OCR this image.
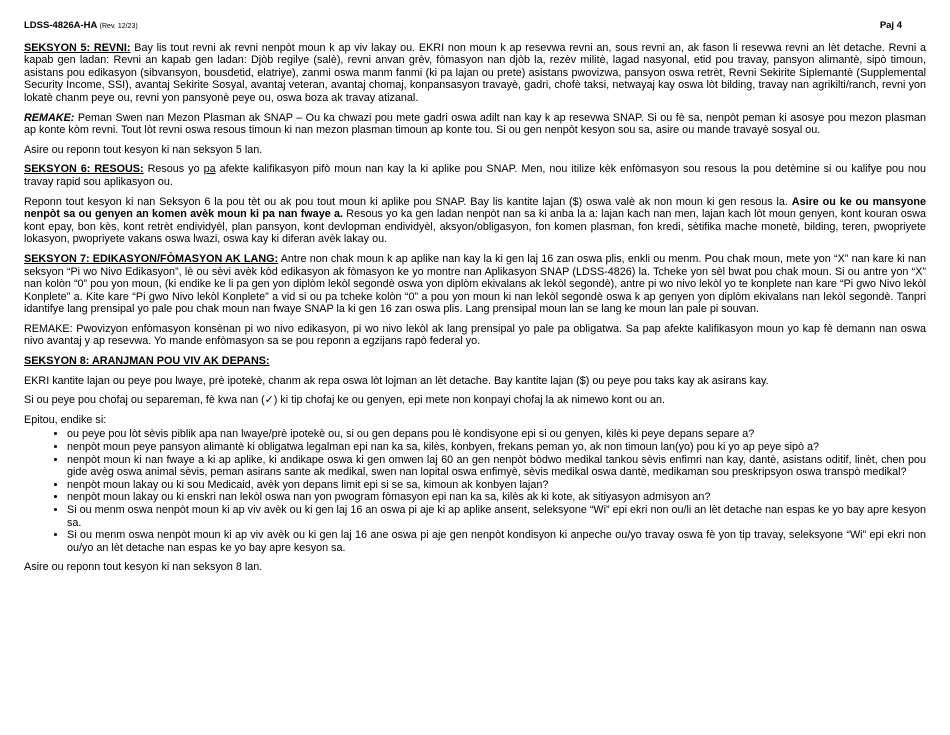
LDSS-4826A-HA (Rev. 12/23)	Paj 4

SEKSYON 5: REVNI: Bay lis tout revni ak revni nenpòt moun k ap viv lakay ou. EKRI non moun k ap resevwa revni an, sous revni an, ak fason li resevwa revni an lèt detache. Revni a kapab gen ladan: Revni an kapab gen ladan: Djòb regilye (salè), revni anvan grèv, fòmasyon nan djòb la, rezèv militè, lagad nasyonal, etid pou travay, pansyon alimantè, sipò timoun, asistans pou edikasyon (sibvansyon, bousdetid, elatriye), zanmi oswa manm fanmi (ki pa lajan ou prete) asistans pwovizwa, pansyon oswa retrèt, Revni Sekirite Siplemantè (Supplemental Security Income, SSI), avantaj Sekirite Sosyal, avantaj veteran, avantaj chomaj, konpansasyon travayè, gadri, chofè taksi, netwayaj kay oswa lòt bilding, travay nan agrikilti/ranch, revni yon lokatè chanm peye ou, revni yon pansyonè peye ou, oswa boza ak travay atizanal.

REMAKE: Peman Swen nan Mezon Plasman ak SNAP – Ou ka chwazi pou mete gadri oswa adilt nan kay k ap resevwa SNAP. Si ou fè sa, nenpòt peman ki asosye pou mezon plasman ap konte kòm revni. Tout lòt revni oswa resous timoun ki nan mezon plasman timoun ap konte tou. Si ou gen nenpòt kesyon sou sa, asire ou mande travayè sosyal ou.

Asire ou reponn tout kesyon ki nan seksyon 5 lan.

SEKSYON 6: RESOUS: Resous yo pa afekte kalifikasyon pifò moun nan kay la ki aplike pou SNAP. Men, nou itilize kèk enfòmasyon sou resous la pou detèmine si ou kalifye pou nou travay rapid sou aplikasyon ou.

Reponn tout kesyon ki nan Seksyon 6 la pou tèt ou ak pou tout moun ki aplike pou SNAP. Bay lis kantite lajan ($) oswa valè ak non moun ki gen resous la. Asire ou ke ou mansyone nenpòt sa ou genyen an komen avèk moun ki pa nan fwaye a. Resous yo ka gen ladan nenpòt nan sa ki anba la a: lajan kach nan men, lajan kach lòt moun genyen, kont kouran oswa kont epay, bon kès, kont retrèt endividyèl, plan pansyon, kont devlopman endividyèl, aksyon/obligasyon, fon komen plasman, fon kredi, sètifika mache monetè, bilding, teren, pwopriyete lokasyon, pwopriyete vakans oswa lwazi, oswa kay ki diferan avèk lakay ou.

SEKSYON 7: EDIKASYON/FÒMASYON AK LANG: Antre non chak moun k ap aplike nan kay la ki gen laj 16 zan oswa plis, enkli ou menm. Pou chak moun, mete yon “X” nan kare ki nan seksyon “Pi wo Nivo Edikasyon”, lè ou sèvi avèk kòd edikasyon ak fòmasyon ke yo montre nan Aplikasyon SNAP (LDSS-4826) la. Tcheke yon sèl bwat pou chak moun. Si ou antre yon “X” nan kolòn “0” pou yon moun, (ki endike ke li pa gen yon diplòm lekòl segondè oswa yon diplòm ekivalans ak lekòl segondè), antre pi wo nivo lekòl yo te konplete nan kare “Pi gwo Nivo lekòl Konplete” a. Kite kare “Pi gwo Nivo lekòl Konplete” a vid si ou pa tcheke kolòn “0” a pou yon moun ki nan lekòl segondè oswa k ap genyen yon diplòm ekivalans nan lekòl segondè. Tanpri idantifye lang prensipal yo pale pou chak moun nan fwaye SNAP la ki gen 16 zan oswa plis. Lang prensipal moun lan se lang ke moun lan pale pi souvan.

REMAKE: Pwovizyon enfòmasyon konsènan pi wo nivo edikasyon, pi wo nivo lekòl ak lang prensipal yo pale pa obligatwa. Sa pap afekte kalifikasyon moun yo kap fè demann nan oswa nivo avantaj y ap resevwa. Yo mande enfòmasyon sa se pou reponn a egzijans rapò federal yo.

SEKSYON 8: ARANJMAN POU VIV AK DEPANS:

EKRI kantite lajan ou peye pou lwaye, prè ipotekè, chanm ak repa oswa lòt lojman an lèt detache. Bay kantite lajan ($) ou peye pou taks kay ak asirans kay.

Si ou peye pou chofaj ou separeman, fè kwa nan (✓) ki tip chofaj ke ou genyen, epi mete non konpayi chofaj la ak nimewo kont ou an.

Epitou, endike si:

• ou peye pou lòt sèvis piblik apa nan lwaye/prè ipotekè ou, si ou gen depans pou lè kondisyone epi si ou genyen, kilès ki peye depans separe a?
• nenpòt moun peye pansyon alimantè ki obligatwa legalman epi nan ka sa, kilès, konbyen, frekans peman yo, ak non timoun lan(yo) pou ki yo ap peye sipò a?
• nenpòt moun ki nan fwaye a ki ap aplike, ki andikape oswa ki gen omwen laj 60 an gen nenpòt bòdwo medikal tankou sèvis enfimri nan kay, dantè, asistans oditif, linèt, chen pou gide avèg oswa animal sèvis, peman asirans sante ak medikal, swen nan lopital oswa enfimyè, sèvis medikal oswa dantè, medikaman sou preskripsyon oswa transpò medikal?
• nenpòt moun lakay ou ki sou Medicaid, avèk yon depans limit epi si se sa, kimoun ak konbyen lajan?
• nenpòt moun lakay ou ki enskri nan lekòl oswa nan yon pwogram fòmasyon epi nan ka sa, kilès ak ki kote, ak sitiyasyon admisyon an?
• Si ou menm oswa nenpòt moun ki ap viv avèk ou ki gen laj 16 an oswa pi aje ki ap aplike ansent, seleksyone “Wi” epi ekri non ou/li an lèt detache nan espas ke yo bay apre kesyon sa.
• Si ou menm oswa nenpòt moun ki ap viv avèk ou ki gen laj 16 ane oswa pi aje gen nenpòt kondisyon ki anpeche ou/yo travay oswa fè yon tip travay, seleksyone “Wi” epi ekri non ou/yo an lèt detache nan espas ke yo bay apre kesyon sa.

Asire ou reponn tout kesyon ki nan seksyon 8 lan.
